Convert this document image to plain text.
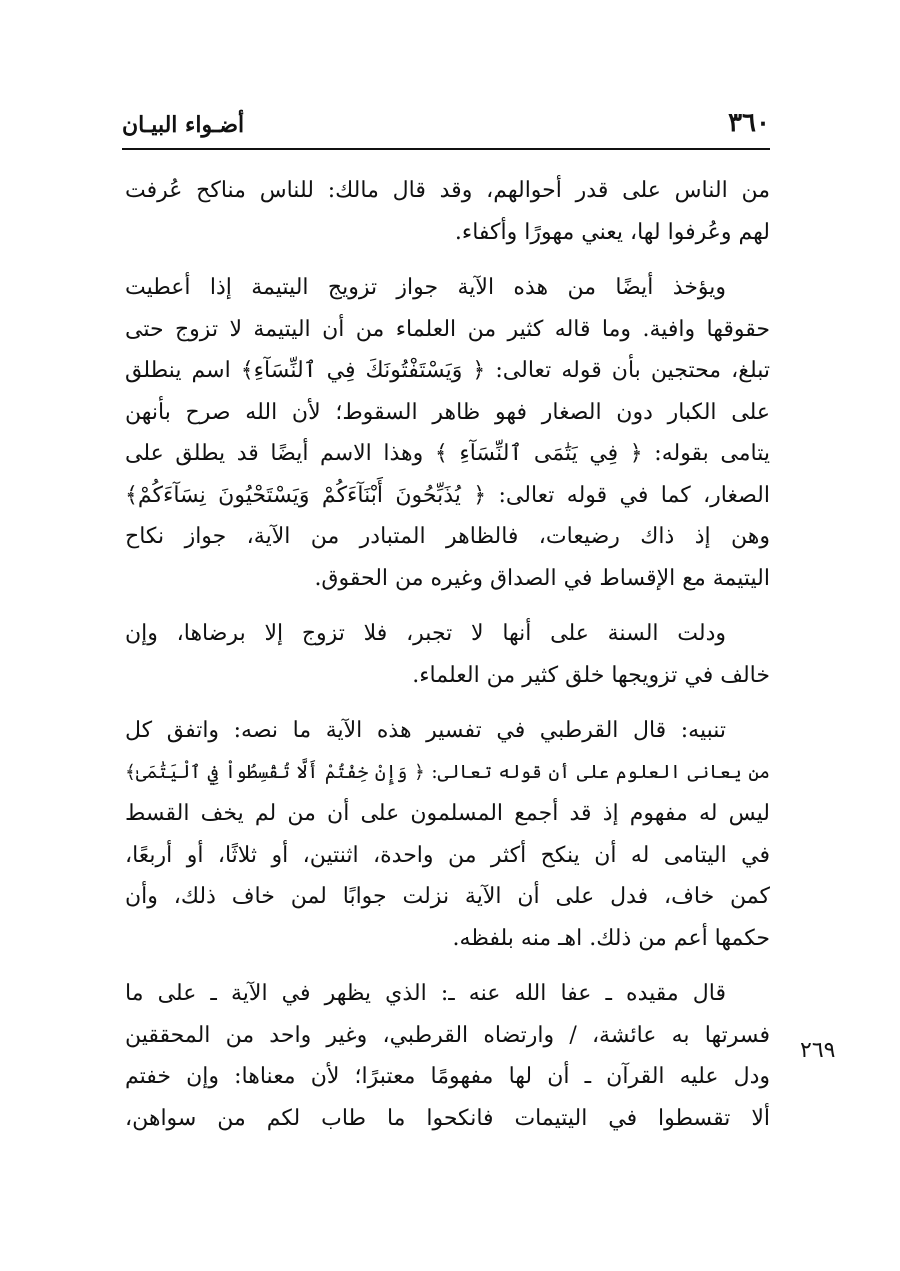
٣٦٠
أضـواء البيـان
٢٦٩
من الناس على قدر أحوالهم، وقد قال مالك: للناس مناكح عُرفت
لهم وعُرفوا لها، يعني مهورًا وأكفاء.
ويؤخذ أيضًا من هذه الآية جواز تزويج اليتيمة إذا أعطيت
حقوقها وافية. وما قاله كثير من العلماء من أن اليتيمة لا تزوج حتى
تبلغ، محتجين بأن قوله تعالى: ﴿ وَيَسْتَفْتُونَكَ فِي ٱلنِّسَآءِ﴾ اسم ينطلق
على الكبار دون الصغار فهو ظاهر السقوط؛ لأن الله صرح بأنهن
يتامى بقوله: ﴿ فِي يَتَٰمَى ٱلنِّسَآءِ ﴾ وهذا الاسم أيضًا قد يطلق على
الصغار، كما في قوله تعالى: ﴿ يُذَبِّحُونَ أَبْنَآءَكُمْ وَيَسْتَحْيُونَ نِسَآءَكُمْ﴾
وهن إذ ذاك رضيعات، فالظاهر المتبادر من الآية، جواز نكاح
اليتيمة مع الإقساط في الصداق وغيره من الحقوق.
ودلت السنة على أنها لا تجبر، فلا تزوج إلا برضاها، وإن
خالف في تزويجها خلق كثير من العلماء.
تنبيه: قال القرطبي في تفسير هذه الآية ما نصه: واتفق كل
من يعانى العلوم على أن قوله تعالى: ﴿ وَإِنْ خِفْتُمْ أَلَّا تُقْسِطُواْ فِي ٱلْيَتَٰمَىٰ﴾
ليس له مفهوم إذ قد أجمع المسلمون على أن من لم يخف القسط
في اليتامى له أن ينكح أكثر من واحدة، اثنتين، أو ثلاثًا، أو أربعًا،
كمن خاف، فدل على أن الآية نزلت جوابًا لمن خاف ذلك، وأن
حكمها أعم من ذلك. اهـ منه بلفظه.
قال مقيده ـ عفا الله عنه ـ: الذي يظهر في الآية ـ على ما
فسرتها به عائشة، / وارتضاه القرطبي، وغير واحد من المحققين
ودل عليه القرآن ـ أن لها مفهومًا معتبرًا؛ لأن معناها: وإن خفتم
ألا تقسطوا في اليتيمات فانكحوا ما طاب لكم من سواهن،
